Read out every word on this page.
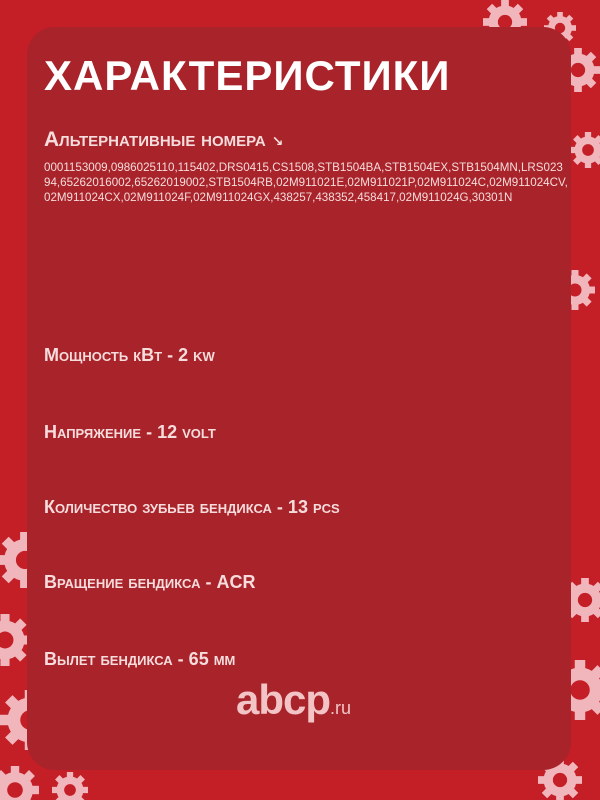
ХАРАКТЕРИСТИКИ
Альтернативные номера ↘

0001153009,0986025110,115402,DRS0415,CS1508,STB1504BA,STB1504EX,STB1504MN,LRS02394,65262016002,65262019002,STB1504RB,02M911021E,02M911021P,02M911024C,02M911024CV,02M911024CX,02M911024F,02M911024GX,438257,438352,458417,02M911024G,30301N

Мощность кВт - 2 kw

Напряжение - 12 volt

Количество зубьев бендикса - 13 pcs

Вращение бендикса - ACR

Вылет бендикса - 65 мм

abcp.ru
